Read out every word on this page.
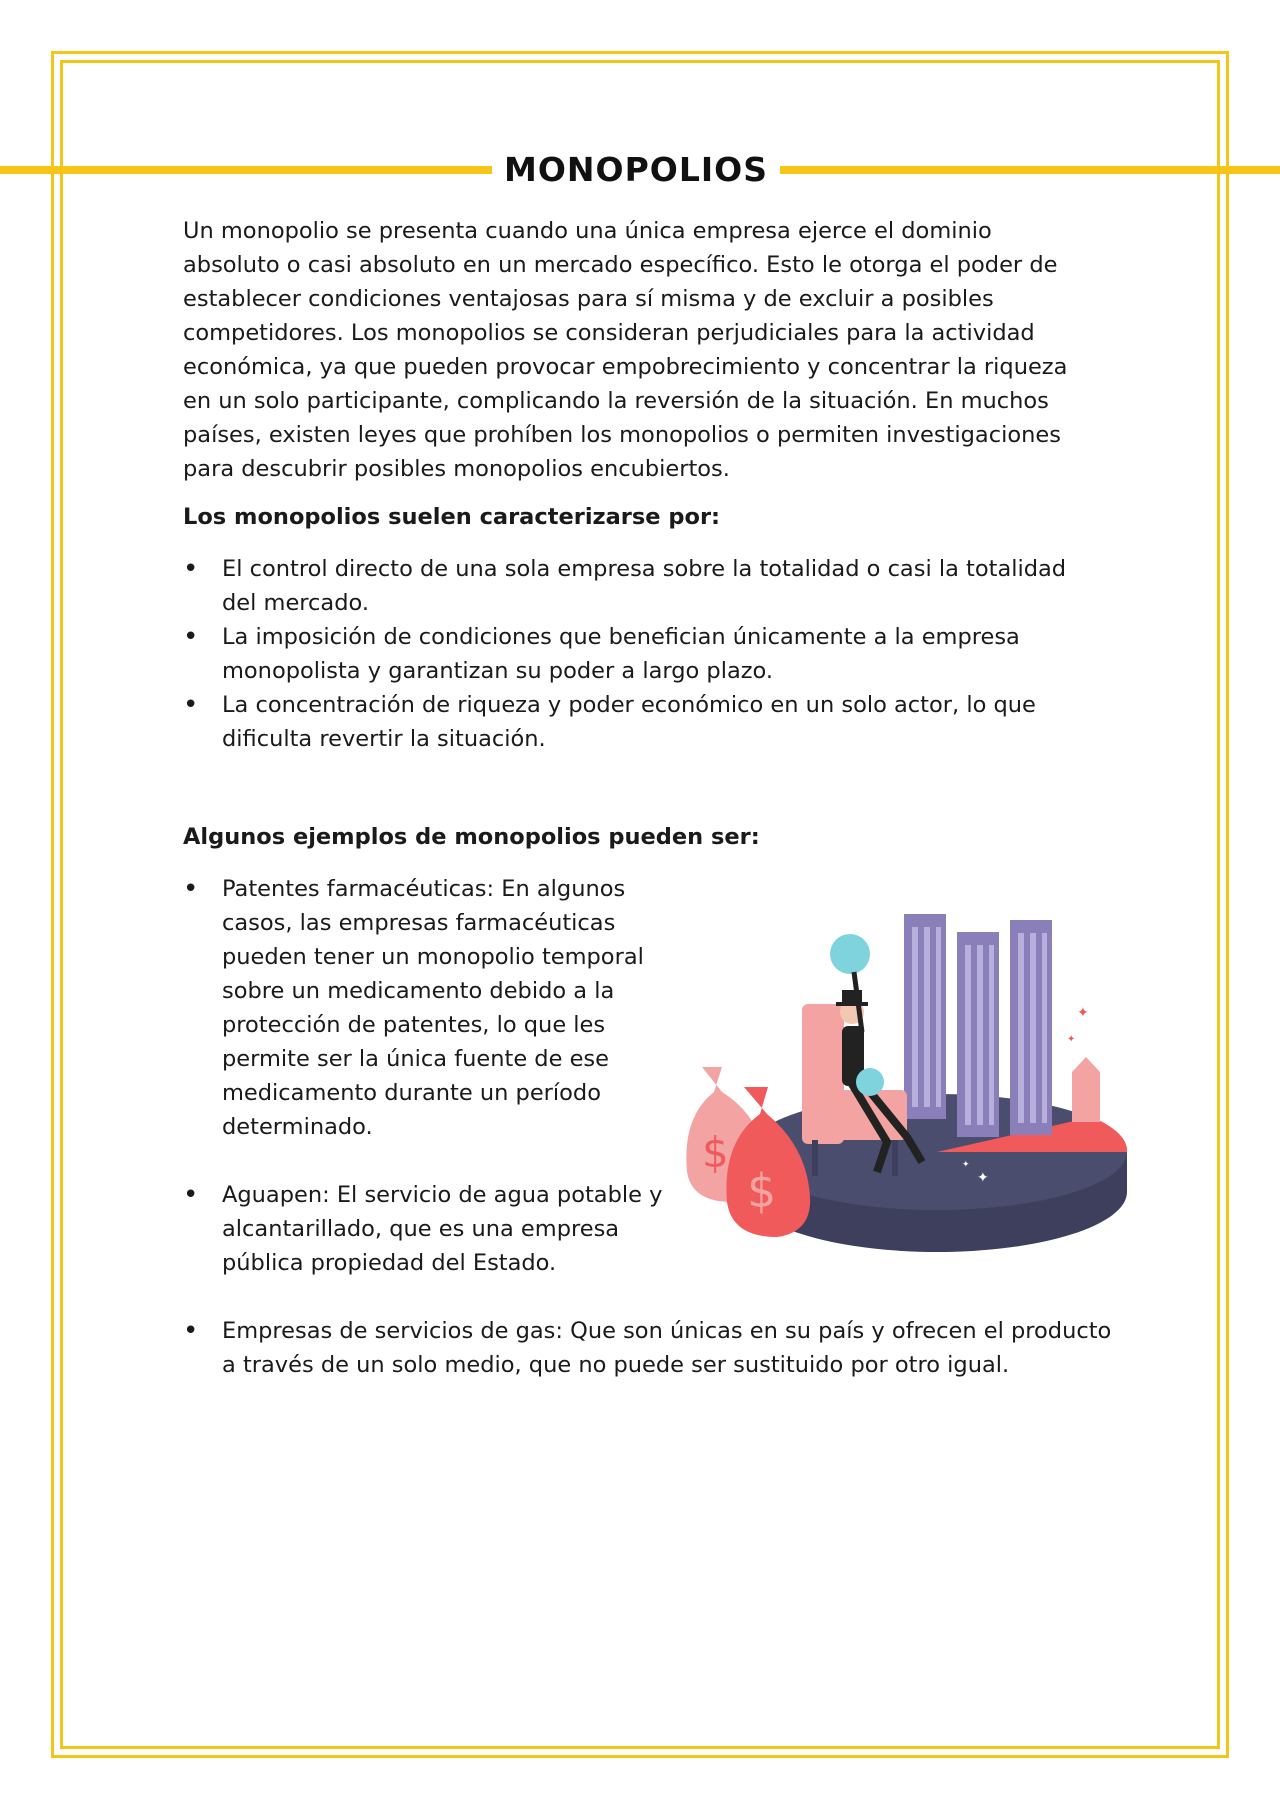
MONOPOLIOS

Un monopolio se presenta cuando una única empresa ejerce el dominio absoluto o casi absoluto en un mercado específico. Esto le otorga el poder de establecer condiciones ventajosas para sí misma y de excluir a posibles competidores. Los monopolios se consideran perjudiciales para la actividad económica, ya que pueden provocar empobrecimiento y concentrar la riqueza en un solo participante, complicando la reversión de la situación. En muchos países, existen leyes que prohíben los monopolios o permiten investigaciones para descubrir posibles monopolios encubiertos.

Los monopolios suelen caracterizarse por:

• El control directo de una sola empresa sobre la totalidad o casi la totalidad del mercado.
• La imposición de condiciones que benefician únicamente a la empresa monopolista y garantizan su poder a largo plazo.
• La concentración de riqueza y poder económico en un solo actor, lo que dificulta revertir la situación.

Algunos ejemplos de monopolios pueden ser:

• Patentes farmacéuticas: En algunos casos, las empresas farmacéuticas pueden tener un monopolio temporal sobre un medicamento debido a la protección de patentes, lo que les permite ser la única fuente de ese medicamento durante un período determinado.
• Aguapen: El servicio de agua potable y alcantarillado, que es una empresa pública propiedad del Estado.
• Empresas de servicios de gas: Que son únicas en su país y ofrecen el producto a través de un solo medio, que no puede ser sustituido por otro igual.
$
$
✦
✦
✦
✦
